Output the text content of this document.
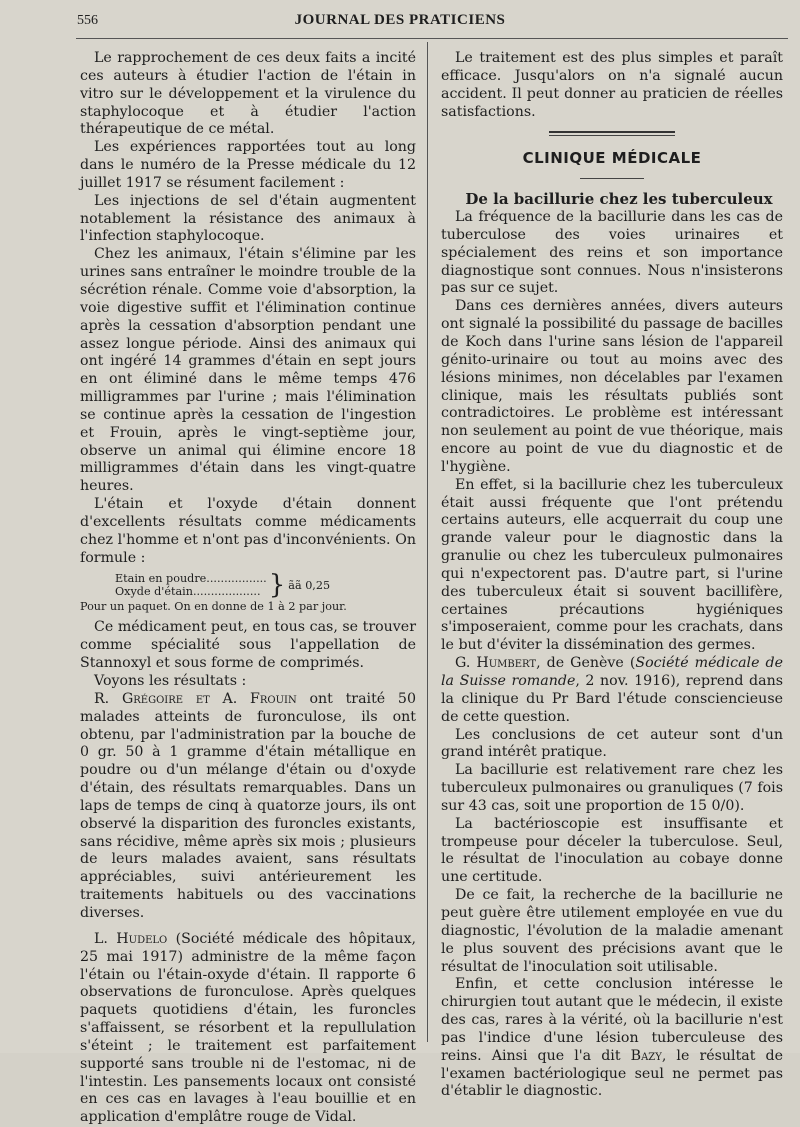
556	JOURNAL DES PRATICIENS

Le rapprochement de ces deux faits a incité ces auteurs à étudier l'action de l'étain in vitro sur le développement et la virulence du staphylocoque et à étudier l'action thérapeutique de ce métal.

Les expériences rapportées tout au long dans le numéro de la Presse médicale du 12 juillet 1917 se résument facilement :

Les injections de sel d'étain augmentent notablement la résistance des animaux à l'infection staphylocoque.

Chez les animaux, l'étain s'élimine par les urines sans entraîner le moindre trouble de la sécrétion rénale. Comme voie d'absorption, la voie digestive suffit et l'élimination continue après la cessation d'absorption pendant une assez longue période. Ainsi des animaux qui ont ingéré 14 grammes d'étain en sept jours en ont éliminé dans le même temps 476 milligrammes par l'urine ; mais l'élimination se continue après la cessation de l'ingestion et Frouin, après le vingt-septième jour, observe un animal qui élimine encore 18 milligrammes d'étain dans les vingt-quatre heures.

L'étain et l'oxyde d'étain donnent d'excellents résultats comme médicaments chez l'homme et n'ont pas d'inconvénients. On formule :

Etain en poudre.................
Oxyde d'étain................... } ãã 0,25
Pour un paquet. On en donne de 1 à 2 par jour.

Ce médicament peut, en tous cas, se trouver comme spécialité sous l'appellation de Stannoxyl et sous forme de comprimés.

Voyons les résultats :

R. Grégoire et A. Frouin ont traité 50 malades atteints de furonculose, ils ont obtenu, par l'administration par la bouche de 0 gr. 50 à 1 gramme d'étain métallique en poudre ou d'un mélange d'étain ou d'oxyde d'étain, des résultats remarquables. Dans un laps de temps de cinq à quatorze jours, ils ont observé la disparition des furoncles existants, sans récidive, même après six mois ; plusieurs de leurs malades avaient, sans résultats appréciables, suivi antérieurement les traitements habituels ou des vaccinations diverses.

L. Hudelo (Société médicale des hôpitaux, 25 mai 1917) administre de la même façon l'étain ou l'étain-oxyde d'étain. Il rapporte 6 observations de furonculose. Après quelques paquets quotidiens d'étain, les furoncles s'affaissent, se résorbent et la repullulation s'éteint ; le traitement est parfaitement supporté sans trouble ni de l'estomac, ni de l'intestin. Les pansements locaux ont consisté en ces cas en lavages à l'eau bouillie et en application d'emplâtre rouge de Vidal.

Le traitement est des plus simples et paraît efficace. Jusqu'alors on n'a signalé aucun accident. Il peut donner au praticien de réelles satisfactions.

CLINIQUE MÉDICALE

De la bacillurie chez les tuberculeux

La fréquence de la bacillurie dans les cas de tuberculose des voies urinaires et spécialement des reins et son importance diagnostique sont connues. Nous n'insisterons pas sur ce sujet.

Dans ces dernières années, divers auteurs ont signalé la possibilité du passage de bacilles de Koch dans l'urine sans lésion de l'appareil génito-urinaire ou tout au moins avec des lésions minimes, non décelables par l'examen clinique, mais les résultats publiés sont contradictoires. Le problème est intéressant non seulement au point de vue théorique, mais encore au point de vue du diagnostic et de l'hygiène.

En effet, si la bacillurie chez les tuberculeux était aussi fréquente que l'ont prétendu certains auteurs, elle acquerrait du coup une grande valeur pour le diagnostic dans la granulie ou chez les tuberculeux pulmonaires qui n'expectorent pas. D'autre part, si l'urine des tuberculeux était si souvent bacillifère, certaines précautions hygiéniques s'imposeraient, comme pour les crachats, dans le but d'éviter la dissémination des germes.

G. Humbert, de Genève (Société médicale de la Suisse romande, 2 nov. 1916), reprend dans la clinique du Pr Bard l'étude consciencieuse de cette question.

Les conclusions de cet auteur sont d'un grand intérêt pratique.

La bacillurie est relativement rare chez les tuberculeux pulmonaires ou granuliques (7 fois sur 43 cas, soit une proportion de 15 0/0).

La bactérioscopie est insuffisante et trompeuse pour déceler la tuberculose. Seul, le résultat de l'inoculation au cobaye donne une certitude.

De ce fait, la recherche de la bacillurie ne peut guère être utilement employée en vue du diagnostic, l'évolution de la maladie amenant le plus souvent des précisions avant que le résultat de l'inoculation soit utilisable.

Enfin, et cette conclusion intéresse le chirurgien tout autant que le médecin, il existe des cas, rares à la vérité, où la bacillurie n'est pas l'indice d'une lésion tuberculeuse des reins. Ainsi que l'a dit Bazy, le résultat de l'examen bactériologique seul ne permet pas d'établir le diagnostic.
